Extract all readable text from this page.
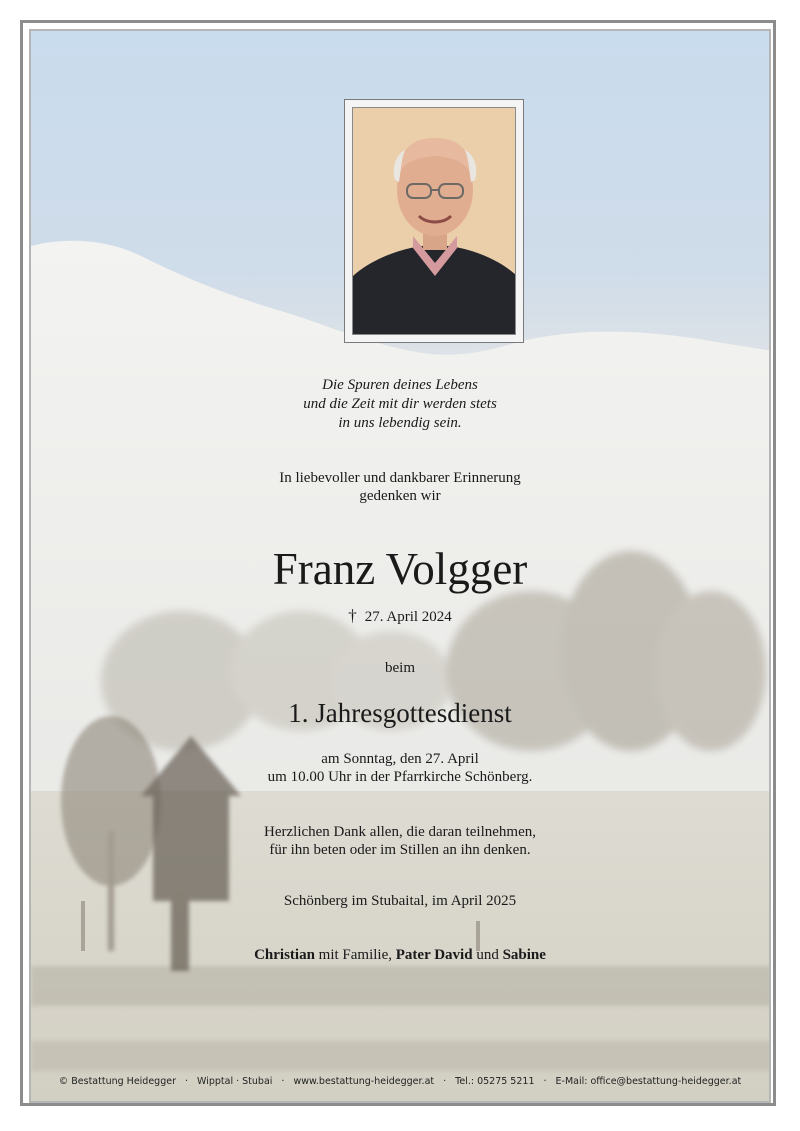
Die Spuren deines Lebens
und die Zeit mit dir werden stets
in uns lebendig sein.
In liebevoller und dankbarer Erinnerung
gedenken wir
Franz Volgger
† 27. April 2024
beim
1. Jahresgottesdienst
am Sonntag, den 27. April
um 10.00 Uhr in der Pfarrkirche Schönberg.
Herzlichen Dank allen, die daran teilnehmen,
für ihn beten oder im Stillen an ihn denken.
Schönberg im Stubaital, im April 2025
Christian mit Familie, Pater David und Sabine
© Bestattung Heidegger · Wipptal · Stubai · www.bestattung-heidegger.at · Tel.: 05275 5211 · E-Mail: office@bestattung-heidegger.at
